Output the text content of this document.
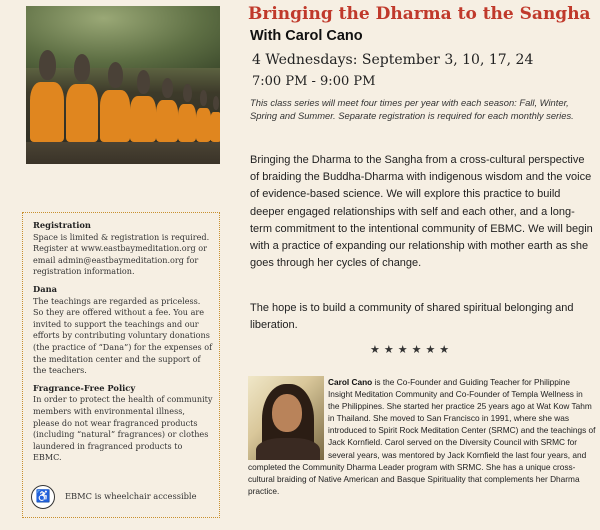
Bringing the Dharma to the Sangha
With Carol Cano
4 Wednesdays: September 3, 10, 17, 24
7:00 PM - 9:00 PM
This class series will meet four times per year with each season: Fall, Winter, Spring and Summer. Separate registration is required for each monthly series.
Bringing the Dharma to the Sangha from a cross-cultural perspective of braiding the Buddha-Dharma with indigenous wisdom and the voice of evidence-based science. We will explore this practice to build deeper engaged relationships with self and each other, and a long-term commitment to the intentional community of EBMC. We will begin with a practice of expanding our relationship with mother earth as she goes through her cycles of change.
The hope is to build a community of shared spiritual belonging and liberation.
★★★★★★
Registration

Space is limited & registration is required. Register at www.eastbaymeditation.org or email admin@eastbaymeditation.org for registration information.

Dana

The teachings are regarded as priceless. So they are offered without a fee. You are invited to support the teachings and our efforts by contributing voluntary donations (the practice of “Dana”) for the expenses of the meditation center and the support of the teachers.

Fragrance-Free Policy

In order to protect the health of community members with environmental illness, please do not wear fragranced products (including “natural” fragrances) or clothes laundered in fragranced products to EBMC.

♿	EBMC is wheelchair accessible
Carol Cano is the Co-Founder and Guiding Teacher for Philippine Insight Meditation Community and Co-Founder of Templa Wellness in the Philippines. She started her practice 25 years ago at Wat Kow Tahm in Thailand. She moved to San Francisco in 1991, where she was introduced to Spirit Rock Meditation Center (SRMC) and the teachings of Jack Kornfield. Carol served on the Diversity Council with SRMC for several years, was mentored by Jack Kornfield the last four years, and completed the Community Dharma Leader program with SRMC. She has a unique cross-cultural braiding of Native American and Basque Spirituality that complements her Dharma practice.
